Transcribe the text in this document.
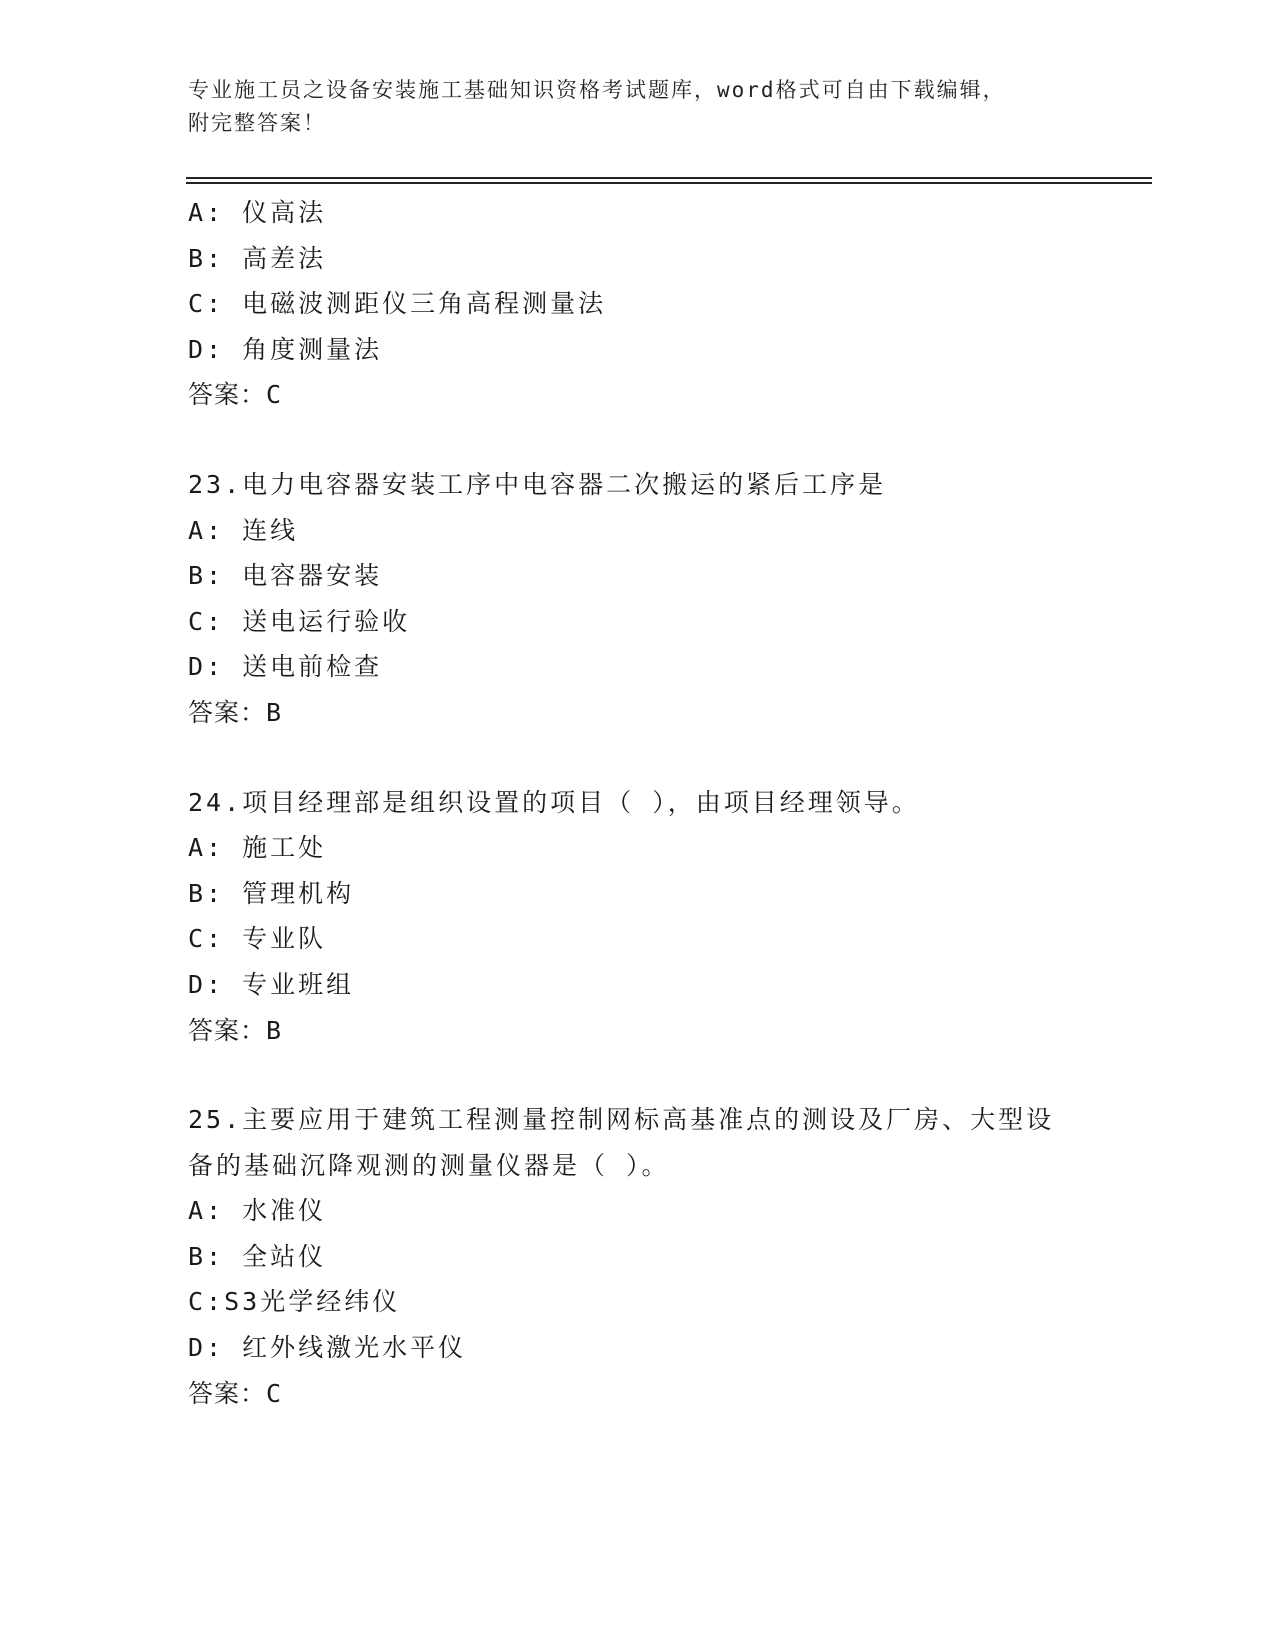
专业施工员之设备安装施工基础知识资格考试题库，word格式可自由下载编辑，
附完整答案！
A: 仪高法
B: 高差法
C: 电磁波测距仪三角高程测量法
D: 角度测量法
答案：C
23.电力电容器安装工序中电容器二次搬运的紧后工序是
A: 连线
B: 电容器安装
C: 送电运行验收
D: 送电前检查
答案：B
24.项目经理部是组织设置的项目（ ），由项目经理领导。
A: 施工处
B: 管理机构
C: 专业队
D: 专业班组
答案：B
25.主要应用于建筑工程测量控制网标高基准点的测设及厂房、大型设
备的基础沉降观测的测量仪器是（ ）。
A: 水准仪
B: 全站仪
C:S3光学经纬仪
D: 红外线激光水平仪
答案：C
